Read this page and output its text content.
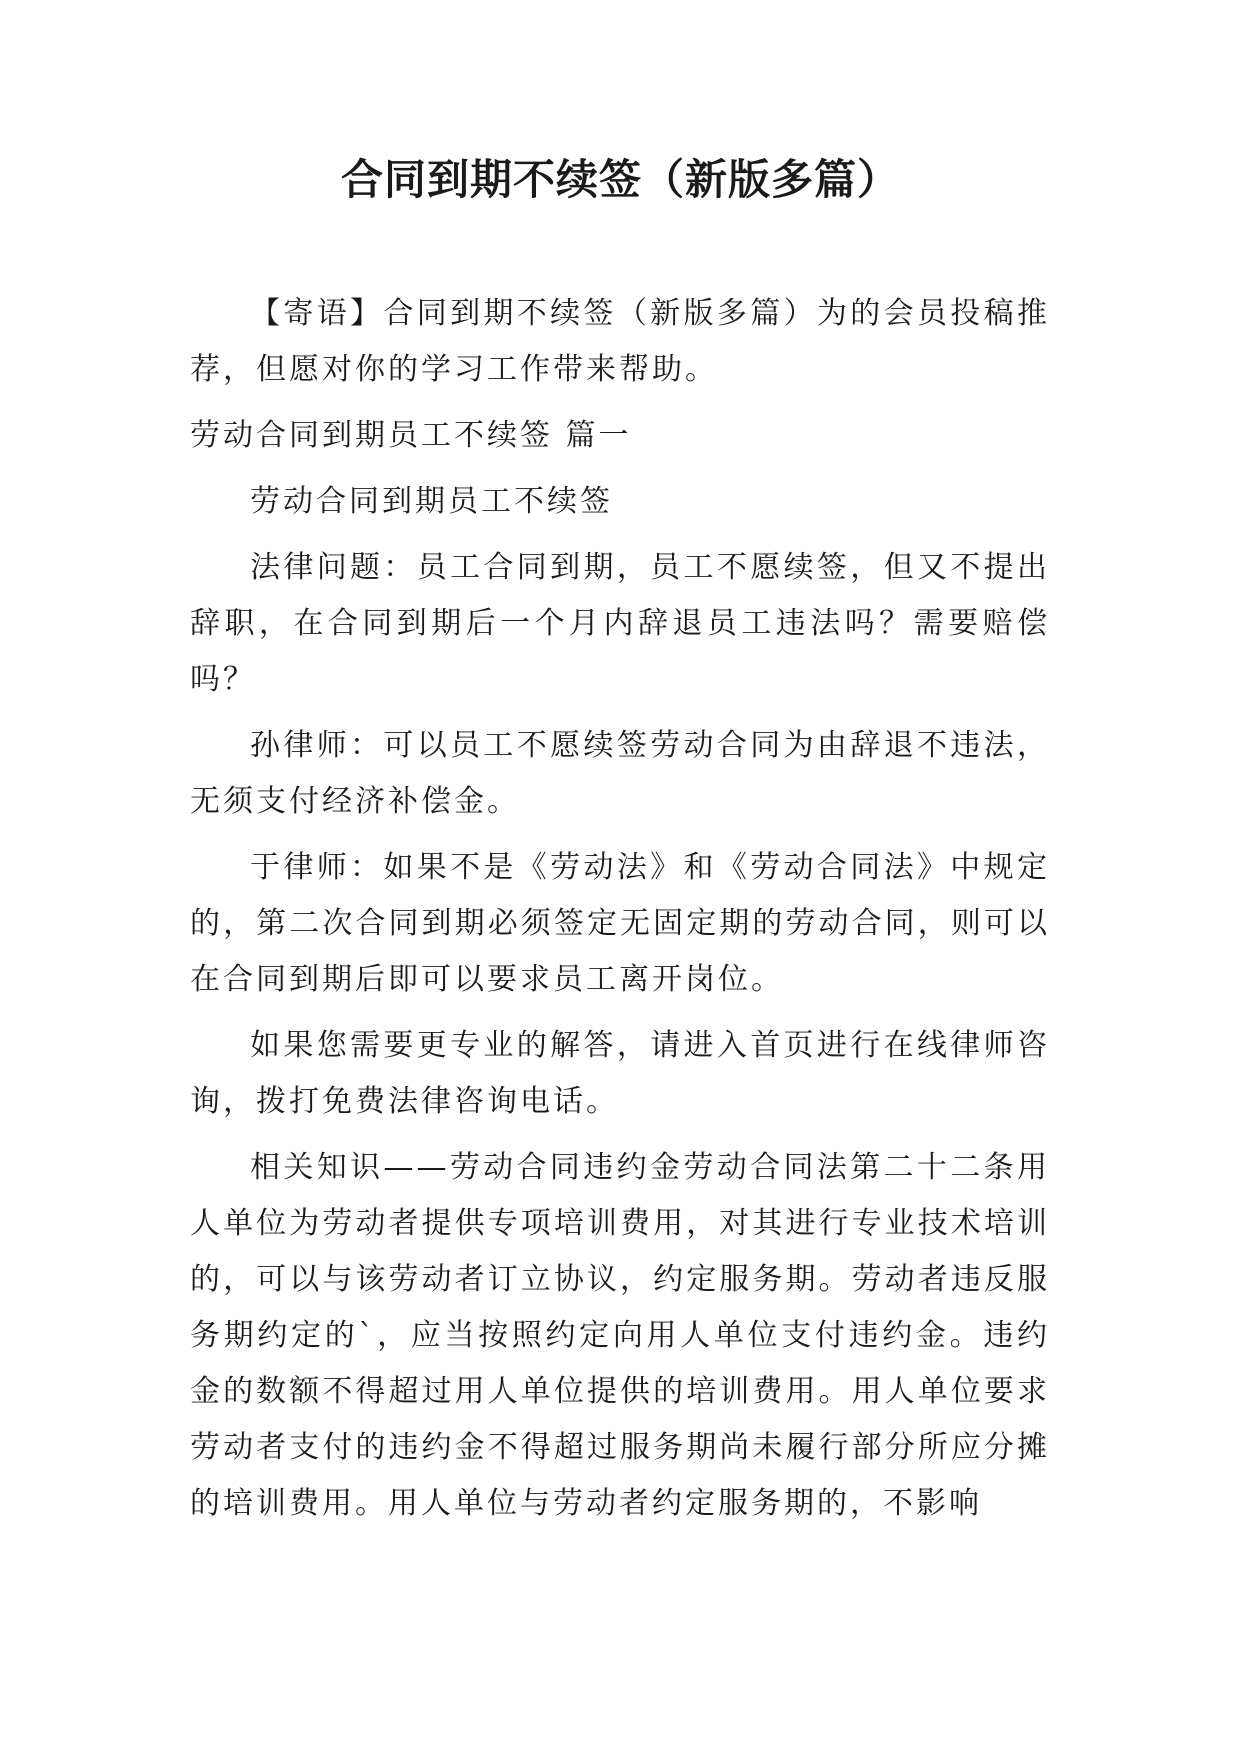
合同到期不续签（新版多篇）

【寄语】合同到期不续签（新版多篇）为的会员投稿推荐，但愿对你的学习工作带来帮助。

劳动合同到期员工不续签 篇一

劳动合同到期员工不续签

法律问题：员工合同到期，员工不愿续签，但又不提出辞职，在合同到期后一个月内辞退员工违法吗？需要赔偿吗？

孙律师：可以员工不愿续签劳动合同为由辞退不违法，无须支付经济补偿金。

于律师：如果不是《劳动法》和《劳动合同法》中规定的，第二次合同到期必须签定无固定期的劳动合同，则可以在合同到期后即可以要求员工离开岗位。

如果您需要更专业的解答，请进入首页进行在线律师咨询，拨打免费法律咨询电话。

相关知识——劳动合同违约金劳动合同法第二十二条用人单位为劳动者提供专项培训费用，对其进行专业技术培训的，可以与该劳动者订立协议，约定服务期。劳动者违反服务期约定的`，应当按照约定向用人单位支付违约金。违约金的数额不得超过用人单位提供的培训费用。用人单位要求劳动者支付的违约金不得超过服务期尚未履行部分所应分摊的培训费用。用人单位与劳动者约定服务期的，不影响
